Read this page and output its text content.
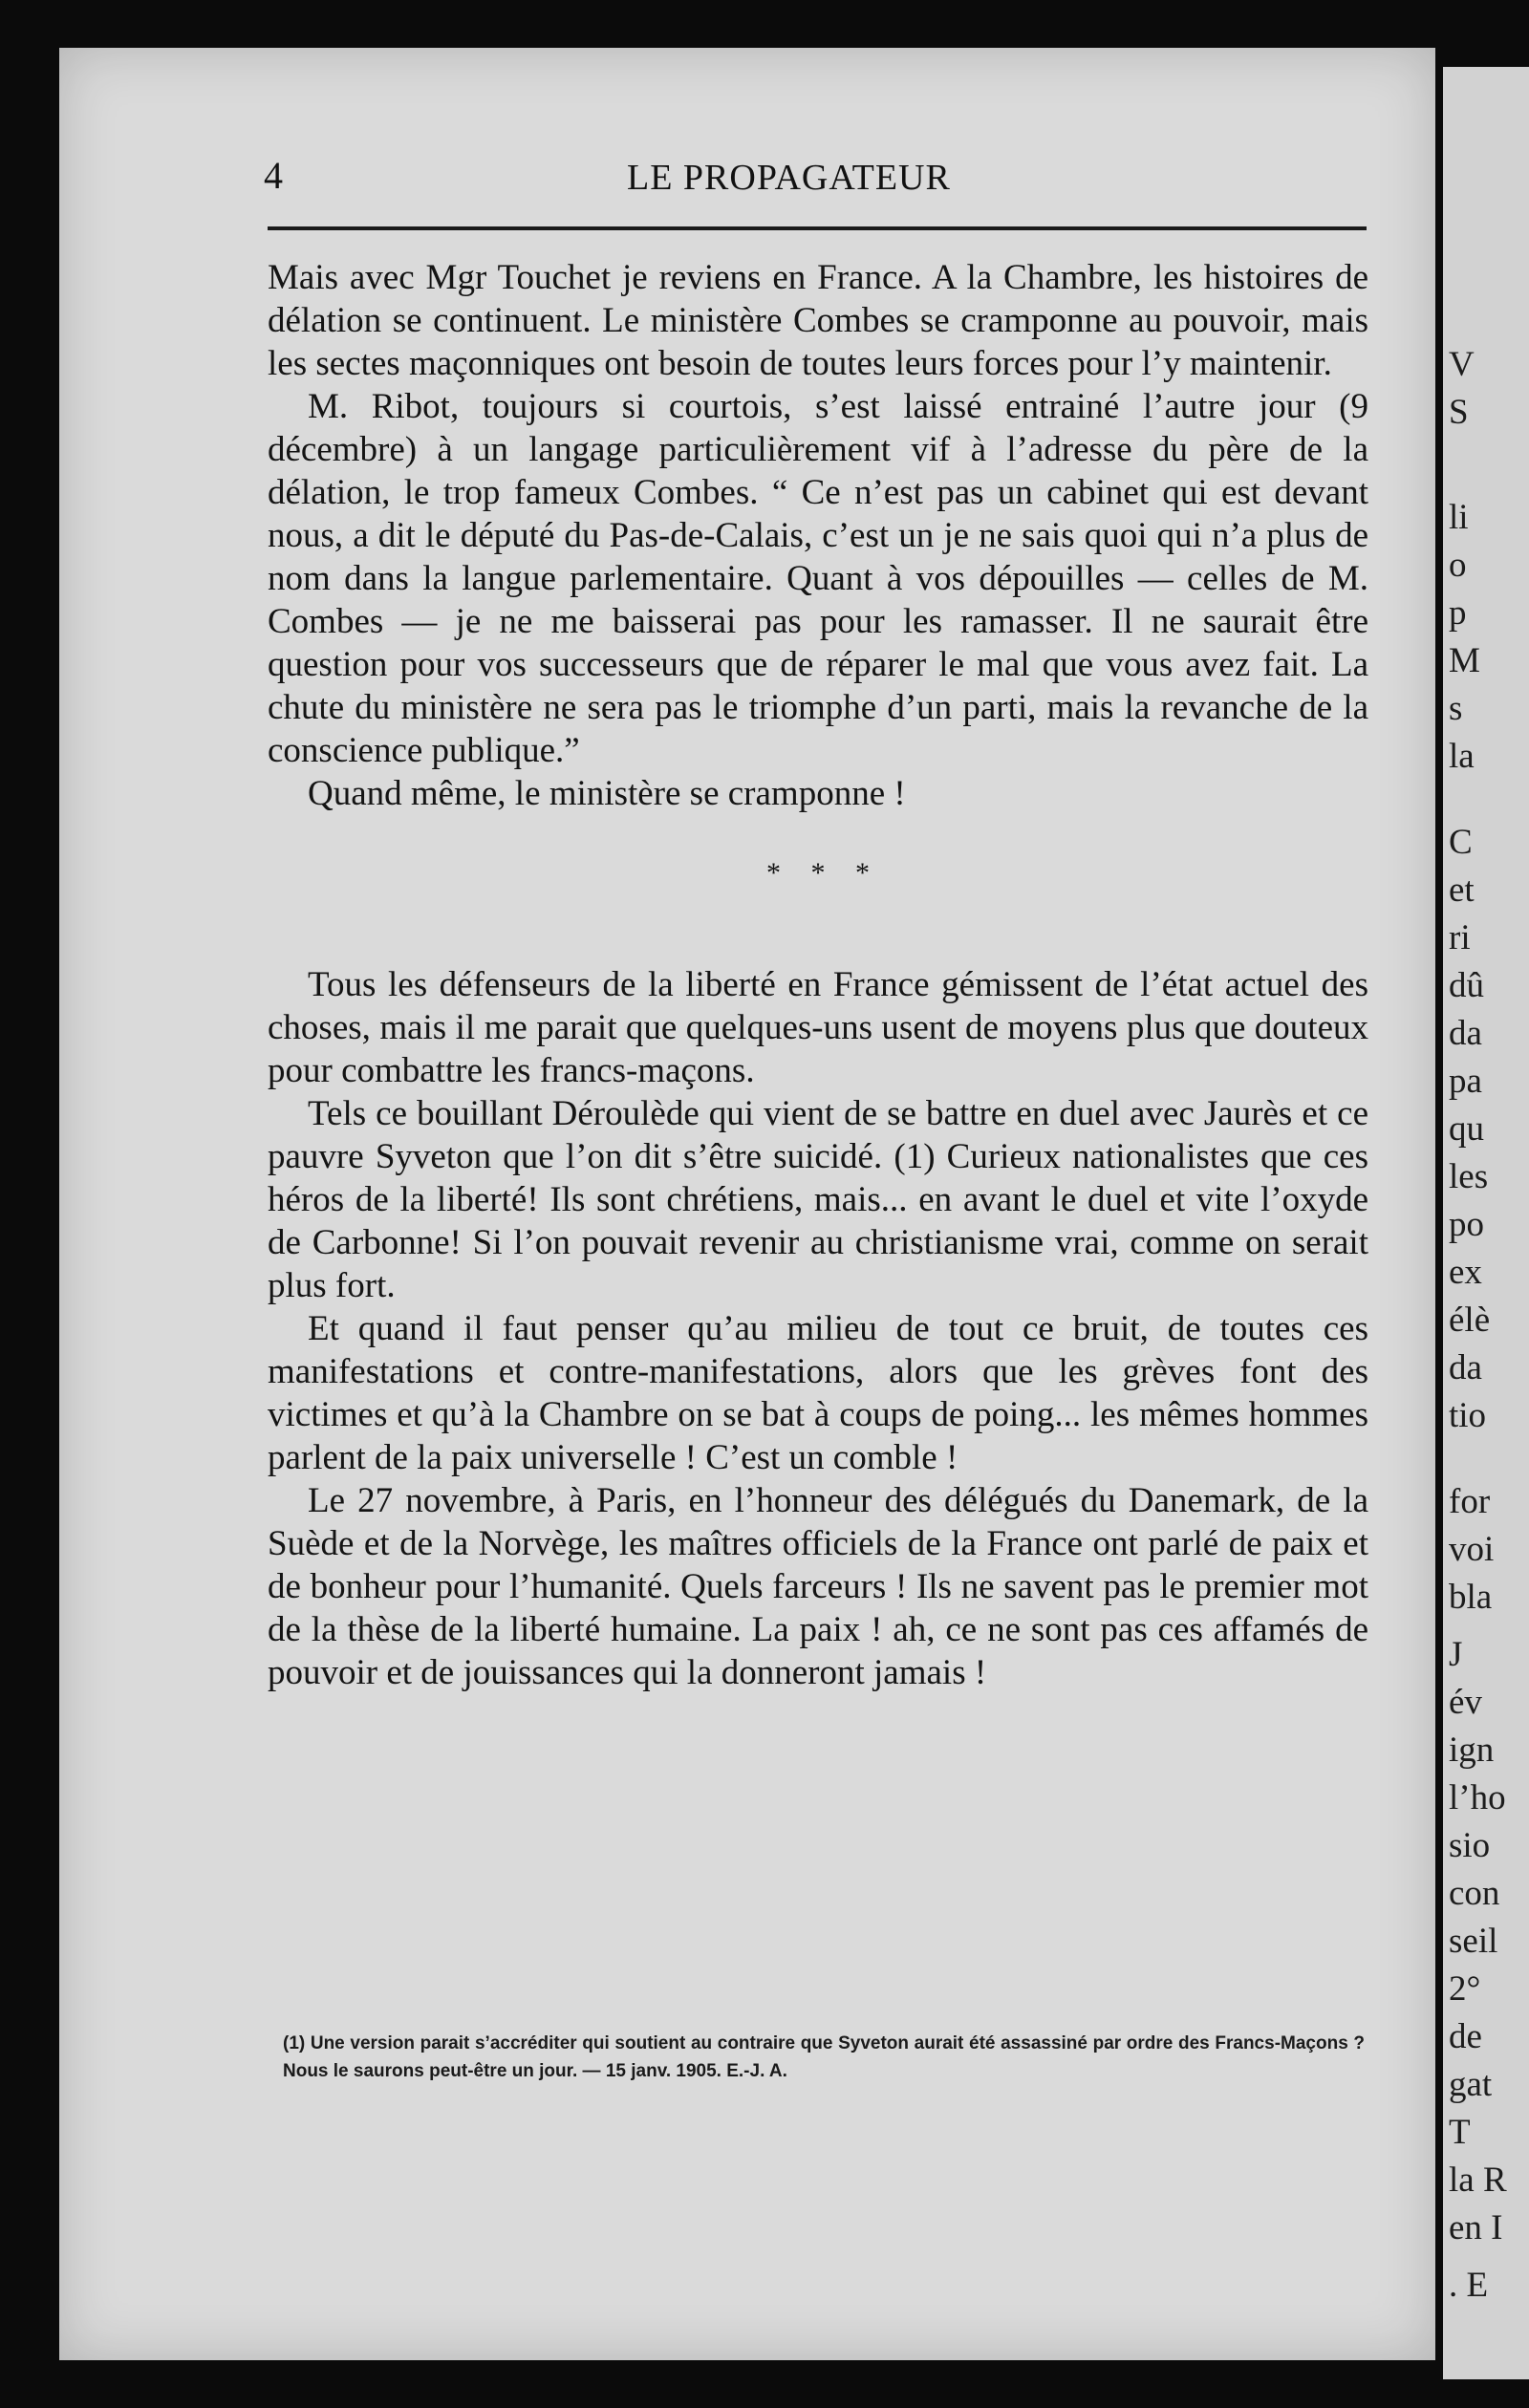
V
S
li
o
p
M
s
la
C
et
ri
dû
da
pa
qu
les
po
ex
élè
da
tio
for
voi
bla
J
év
ign
l’ho
sio
con
seil
2°
de
gat
T
la R
en I
. E
4	LE PROPAGATEUR

Mais avec Mgr Touchet je reviens en France. A la Chambre, les histoires de délation se continuent. Le ministère Combes se cramponne au pouvoir, mais les sectes maçonniques ont besoin de toutes leurs forces pour l’y maintenir.

M. Ribot, toujours si courtois, s’est laissé entrainé l’autre jour (9 décembre) à un langage particulièrement vif à l’adresse du père de la délation, le trop fameux Combes. “ Ce n’est pas un cabinet qui est devant nous, a dit le député du Pas-de-Calais, c’est un je ne sais quoi qui n’a plus de nom dans la langue parlementaire. Quant à vos dépouilles — celles de M. Combes — je ne me baisserai pas pour les ramasser. Il ne saurait être question pour vos successeurs que de réparer le mal que vous avez fait. La chute du ministère ne sera pas le triomphe d’un parti, mais la revanche de la conscience publique.”

Quand même, le ministère se cramponne !

* * *

Tous les défenseurs de la liberté en France gémissent de l’état actuel des choses, mais il me parait que quelques-uns usent de moyens plus que douteux pour combattre les francs-maçons.

Tels ce bouillant Déroulède qui vient de se battre en duel avec Jaurès et ce pauvre Syveton que l’on dit s’être suicidé. (1) Curieux nationalistes que ces héros de la liberté! Ils sont chrétiens, mais... en avant le duel et vite l’oxyde de Carbonne! Si l’on pouvait revenir au christianisme vrai, comme on serait plus fort.

Et quand il faut penser qu’au milieu de tout ce bruit, de toutes ces manifestations et contre-manifestations, alors que les grèves font des victimes et qu’à la Chambre on se bat à coups de poing... les mêmes hommes parlent de la paix universelle ! C’est un comble !

Le 27 novembre, à Paris, en l’honneur des délégués du Danemark, de la Suède et de la Norvège, les maîtres officiels de la France ont parlé de paix et de bonheur pour l’humanité. Quels farceurs ! Ils ne savent pas le premier mot de la thèse de la liberté humaine. La paix ! ah, ce ne sont pas ces affamés de pouvoir et de jouissances qui la donneront jamais !

(1) Une version parait s’accréditer qui soutient au contraire que Syveton aurait été assassiné par ordre des Francs-Maçons ? Nous le saurons peut-être un jour. — 15 janv. 1905. E.-J. A.
